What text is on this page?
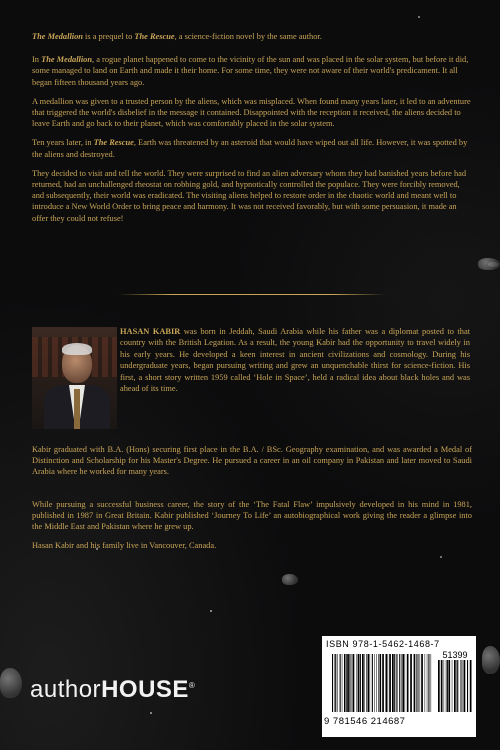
The Medallion is a prequel to The Rescue, a science-fiction novel by the same author.

In The Medallion, a rogue planet happened to come to the vicinity of the sun and was placed in the solar system, but before it did, some managed to land on Earth and made it their home. For some time, they were not aware of their world's predicament. It all began fifteen thousand years ago.

A medallion was given to a trusted person by the aliens, which was misplaced. When found many years later, it led to an adventure that triggered the world's disbelief in the message it contained. Disappointed with the reception it received, the aliens decided to leave Earth and go back to their planet, which was comfortably placed in the solar system.

Ten years later, in The Rescue, Earth was threatened by an asteroid that would have wiped out all life. However, it was spotted by the aliens and destroyed.

They decided to visit and tell the world. They were surprised to find an alien adversary whom they had banished years before had returned, had an unchallenged rheostat on robbing gold, and hypnotically controlled the populace. They were forcibly removed, and subsequently, their world was eradicated. The visiting aliens helped to restore order in the chaotic world and meant well to introduce a New World Order to bring peace and harmony. It was not received favorably, but with some persuasion, it made an offer they could not refuse!

HASAN KABIR was born in Jeddah, Saudi Arabia while his father was a diplomat posted to that country with the British Legation. As a result, the young Kabir had the opportunity to travel widely in his early years. He developed a keen interest in ancient civilizations and cosmology. During his undergraduate years, began pursuing writing and grew an unquenchable thirst for science-fiction. His first, a short story written 1959 called ‘Hole in Space’, held a radical idea about black holes and was ahead of its time.
Kabir graduated with B.A. (Hons) securing first place in the B.A. / BSc. Geography examination, and was awarded a Medal of Distinction and Scholarship for his Master's Degree. He pursued a career in an oil company in Pakistan and later moved to Saudi Arabia where he worked for many years.
While pursuing a successful business career, the story of the ‘The Fatal Flaw’ impulsively developed in his mind in 1981, published in 1987 in Great Britain. Kabir published ‘Journey To Life’ an autobiographical work giving the reader a glimpse into the Middle East and Pakistan where he grew up.
Hasan Kabir and his family live in Vancouver, Canada.
ISBN 978-1-5462-1468-7
51399
9 781546 214687
authorHOUSE®
